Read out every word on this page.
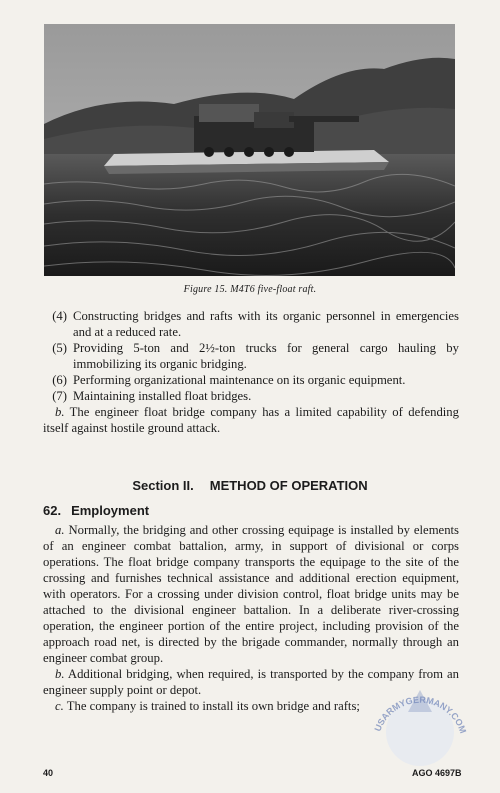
Figure 15. M4T6 five-float raft.
(4) Constructing bridges and rafts with its organic personnel in emergencies and at a reduced rate.
(5) Providing 5-ton and 2½-ton trucks for general cargo hauling by immobilizing its organic bridging.
(6) Performing organizational maintenance on its organic equipment.
(7) Maintaining installed float bridges.

b. The engineer float bridge company has a limited capability of defending itself against hostile ground attack.

Section II. METHOD OF OPERATION
62. Employment

a. Normally, the bridging and other crossing equipage is installed by elements of an engineer combat battalion, army, in support of divisional or corps operations. The float bridge company transports the equipage to the site of the crossing and furnishes technical assistance and additional erection equipment, with operators. For a crossing under division control, float bridge units may be attached to the divisional engineer battalion. In a deliberate river-crossing operation, the engineer portion of the entire project, including provision of the approach road net, is directed by the brigade commander, normally through an engineer combat group.

b. Additional bridging, when required, is transported by the company from an engineer supply point or depot.

c. The company is trained to install its own bridge and rafts;

40	AGO 4697B
USARMYGERMANY.COM
